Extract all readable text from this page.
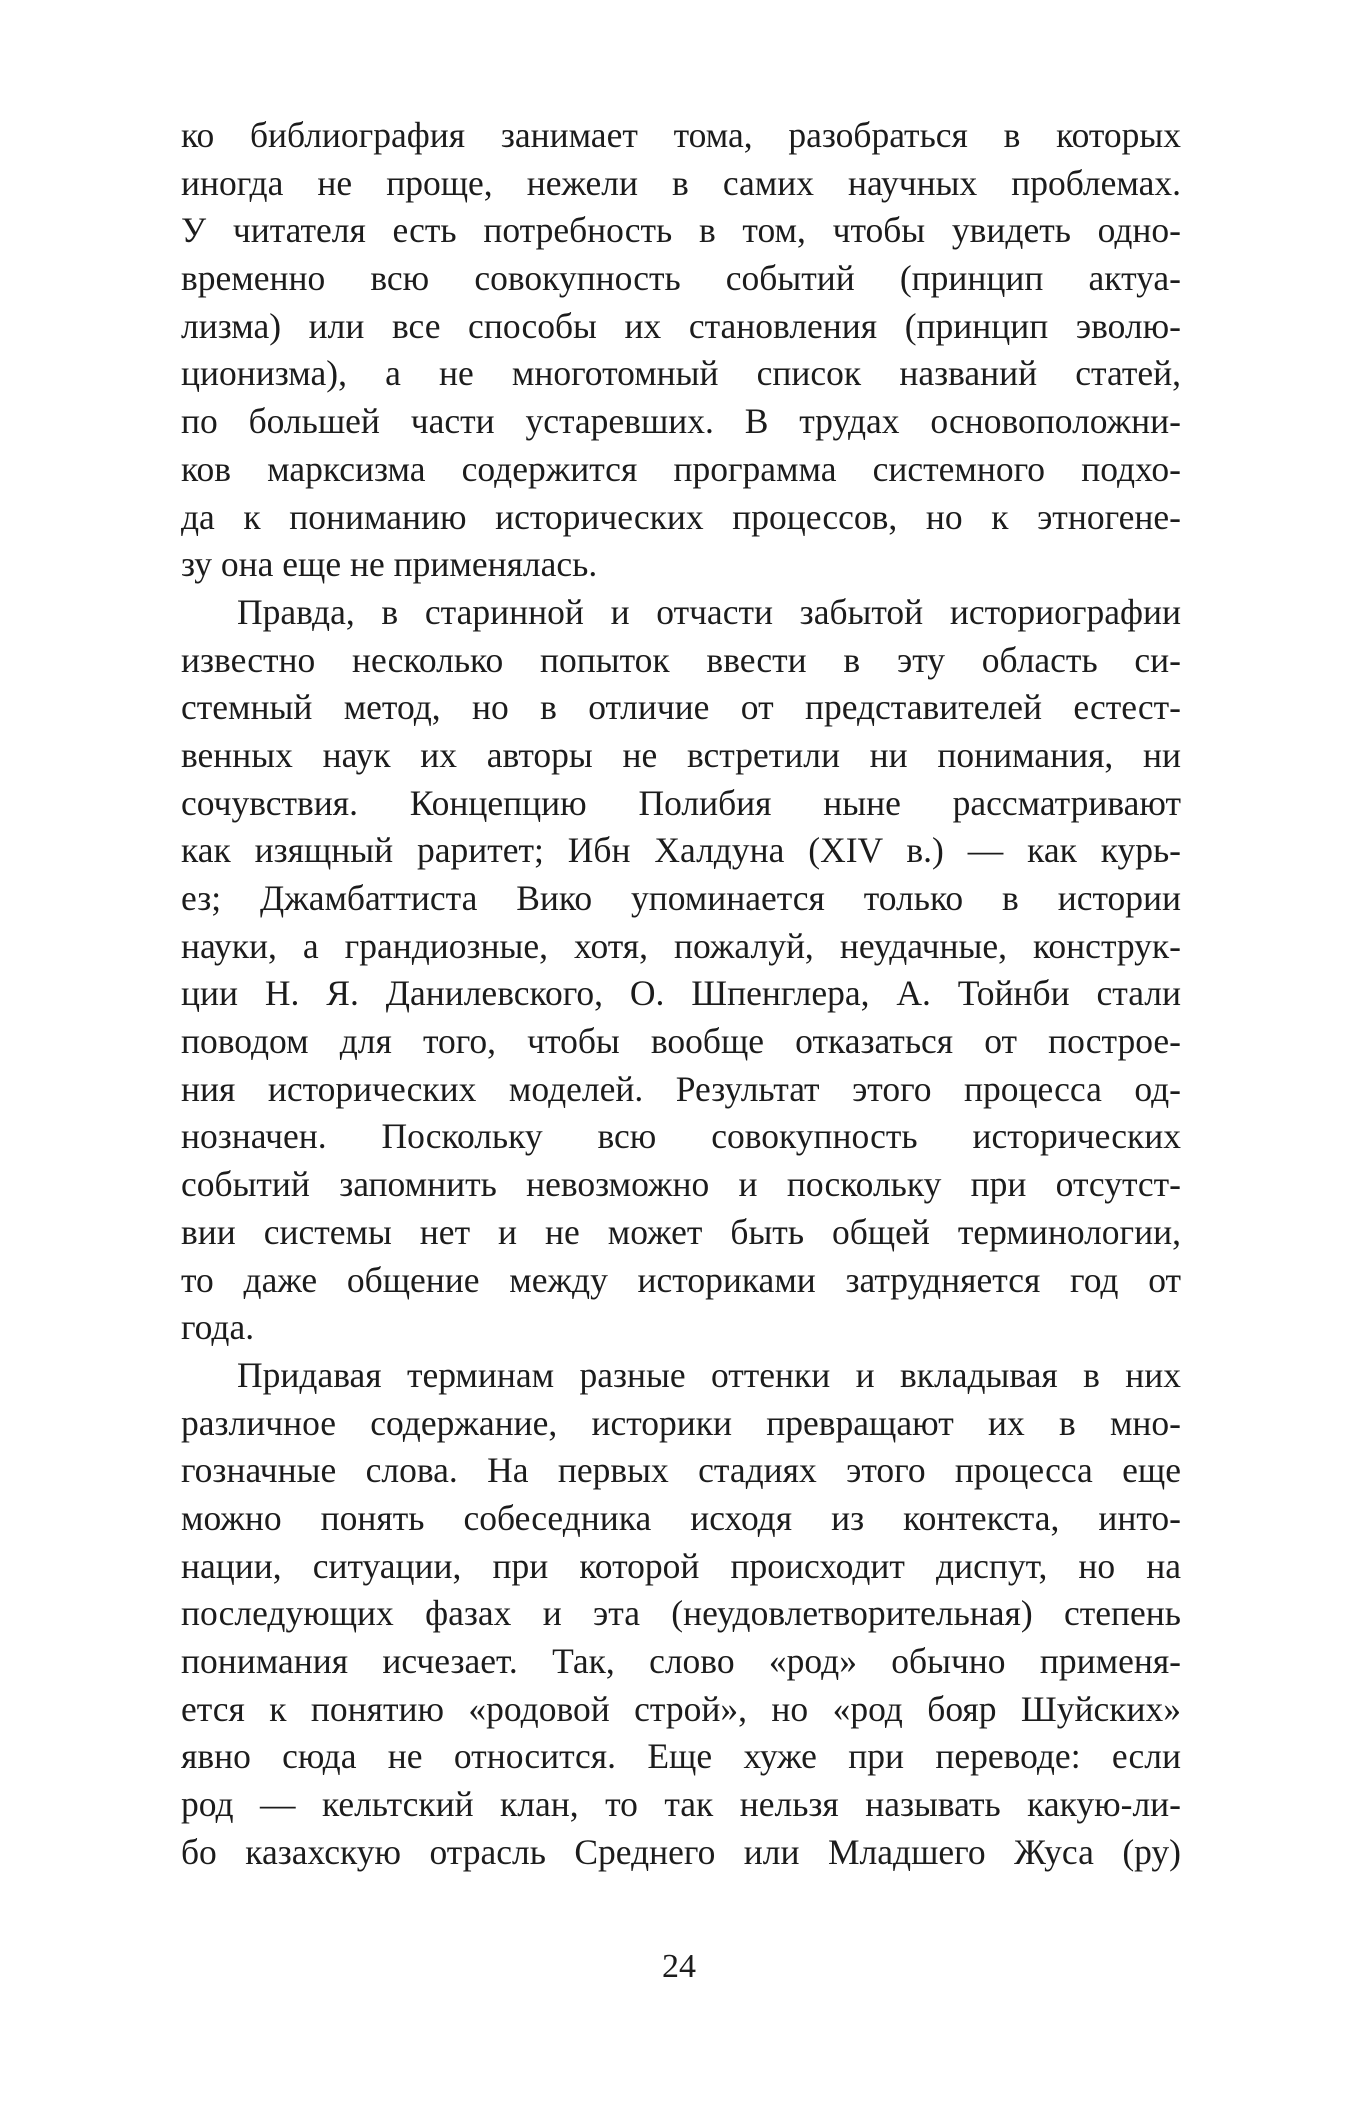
ко библиография занимает тома, разобраться в которых
иногда не проще, нежели в самих научных проблемах.
У читателя есть потребность в том, чтобы увидеть одно-
временно всю совокупность событий (принцип актуа-
лизма) или все способы их становления (принцип эволю-
ционизма), а не многотомный список названий статей,
по большей части устаревших. В трудах основоположни-
ков марксизма содержится программа системного подхо-
да к пониманию исторических процессов, но к этногене-
зу она еще не применялась.
Правда, в старинной и отчасти забытой историографии
известно несколько попыток ввести в эту область си-
стемный метод, но в отличие от представителей естест-
венных наук их авторы не встретили ни понимания, ни
сочувствия. Концепцию Полибия ныне рассматривают
как изящный раритет; Ибн Халдуна (XIV в.) — как курь-
ез; Джамбаттиста Вико упоминается только в истории
науки, а грандиозные, хотя, пожалуй, неудачные, конструк-
ции Н. Я. Данилевского, О. Шпенглера, А. Тойнби стали
поводом для того, чтобы вообще отказаться от построе-
ния исторических моделей. Результат этого процесса од-
нозначен. Поскольку всю совокупность исторических
событий запомнить невозможно и поскольку при отсутст-
вии системы нет и не может быть общей терминологии,
то даже общение между историками затрудняется год от
года.
Придавая терминам разные оттенки и вкладывая в них
различное содержание, историки превращают их в мно-
гозначные слова. На первых стадиях этого процесса еще
можно понять собеседника исходя из контекста, инто-
нации, ситуации, при которой происходит диспут, но на
последующих фазах и эта (неудовлетворительная) степень
понимания исчезает. Так, слово «род» обычно применя-
ется к понятию «родовой строй», но «род бояр Шуйских»
явно сюда не относится. Еще хуже при переводе: если
род — кельтский клан, то так нельзя называть какую-ли-
бо казахскую отрасль Среднего или Младшего Жуса (ру)
24
